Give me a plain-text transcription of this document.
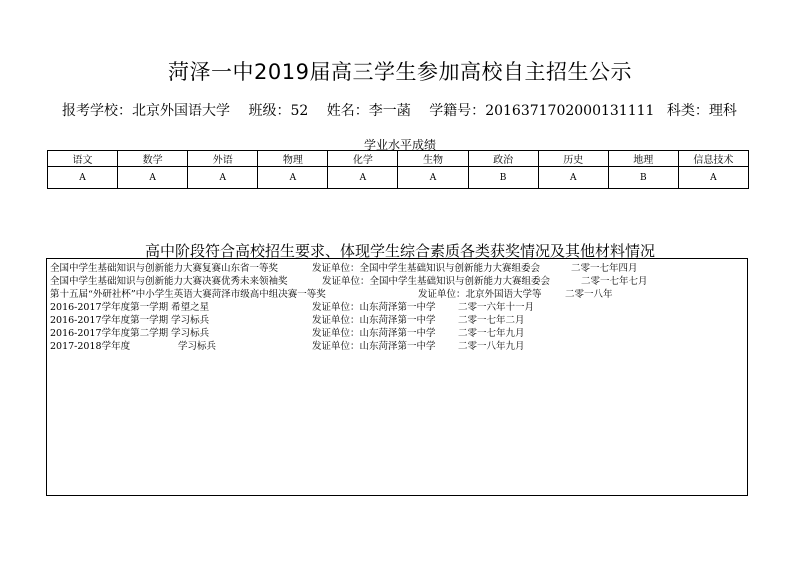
菏泽一中2019届高三学生参加高校自主招生公示
报考学校：北京外国语大学 班级：52 姓名：李一菡 学籍号：2016371702000131111 科类：理科
学业水平成绩
语文	数学	外语	物理	化学	生物	政治	历史	地理	信息技术
A	A	A	A	A	A	B	A	B	A
高中阶段符合高校招生要求、体现学生综合素质各类获奖情况及其他材料情况
全国中学生基础知识与创新能力大赛复赛山东省一等奖	发证单位：全国中学生基础知识与创新能力大赛组委会	二零一七年四月
全国中学生基础知识与创新能力大赛决赛优秀未来领袖奖	发证单位：全国中学生基础知识与创新能力大赛组委会	二零一七年七月
第十五届“外研社杯”中小学生英语大赛菏泽市级高中组决赛一等奖	发证单位：北京外国语大学等 二零一八年
2016-2017学年度第一学期 希望之星	发证单位：山东菏泽第一中学 二零一六年十一月
2016-2017学年度第一学期 学习标兵	发证单位：山东菏泽第一中学 二零一七年二月
2016-2017学年度第二学期 学习标兵	发证单位：山东菏泽第一中学 二零一七年九月
2017-2018学年度	学习标兵	发证单位：山东菏泽第一中学 二零一八年九月
